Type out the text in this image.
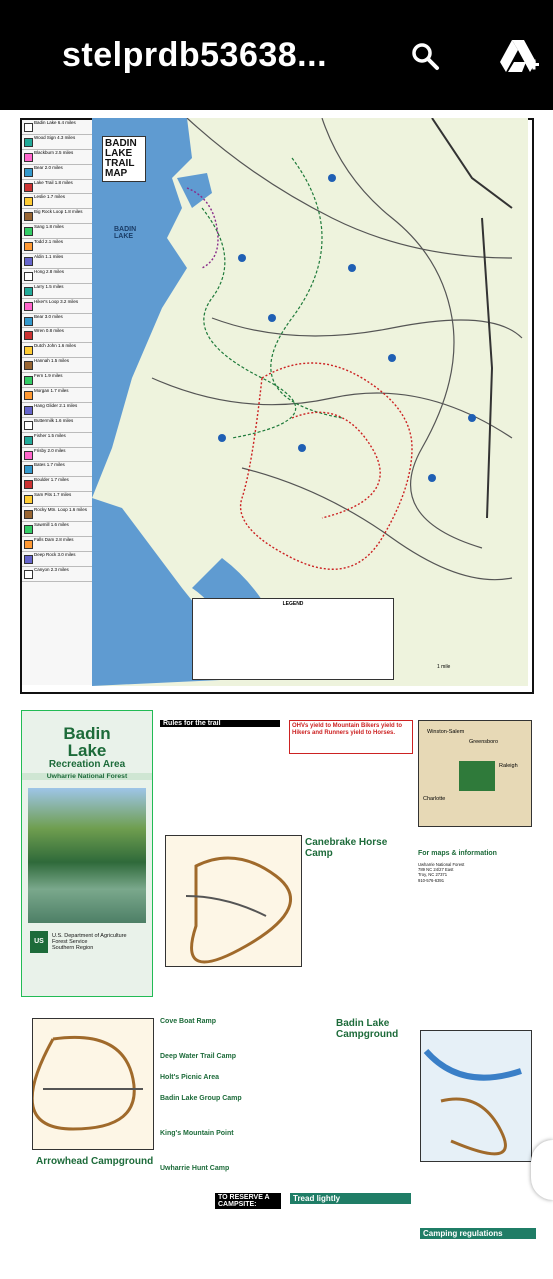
stelprdb53638...
Badin Lake 6.4 miles
Wood Sign 4.3 miles
Blackburn 2.5 miles
Bear 2.0 miles
Lake Trail 1.8 miles
Leslie 1.7 miles
Big Rock Loop 1.8 miles
Sang 1.8 miles
Todd 2.1 miles
Aldin 1.1 miles
Hong 2.8 miles
Larry 1.5 miles
Hiker's Loop 3.2 miles
Bear 3.0 miles
Wren 0.8 miles
Dutch John 1.6 miles
Hannah 1.5 miles
Fern 1.9 miles
Morgan 1.7 miles
Hang Glider 2.1 miles
Buttermilk 1.6 miles
Fisher 1.5 miles
Frisby 2.0 miles
Bates 1.7 miles
Boulder 1.7 miles
Sam Pits 1.7 miles
Rocky Mtn. Loop 1.6 miles
Sawmill 1.6 miles
Falls Dam 2.8 miles
Deep Rock 3.0 miles
Canyon 2.3 miles
BADIN
LAKE
TRAIL
MAP
BADIN
LAKE
LEGEND
1 mile
Badin
Lake
Recreation Area
Uwharrie National Forest
US
U.S. Department of Agriculture
Forest Service
Southern Region
Rules for the trail	OHVs yield to Mountain Bikers yield to Hikers and Runners yield to Horses.
Canebrake Horse Camp
Winston-Salem
Greensboro
Raleigh
Charlotte
For maps & information
Uwharrie National Forest
789 NC 24/27 East
Troy, NC 27371
910-576-6391
Arrowhead Campground
Cove Boat Ramp
Deep Water Trail Camp
Holt's Picnic Area
Badin Lake Group Camp
King's Mountain Point
Uwharrie Hunt Camp
Badin Lake Campground
TO RESERVE A CAMPSITE:
Tread lightly
Camping regulations
